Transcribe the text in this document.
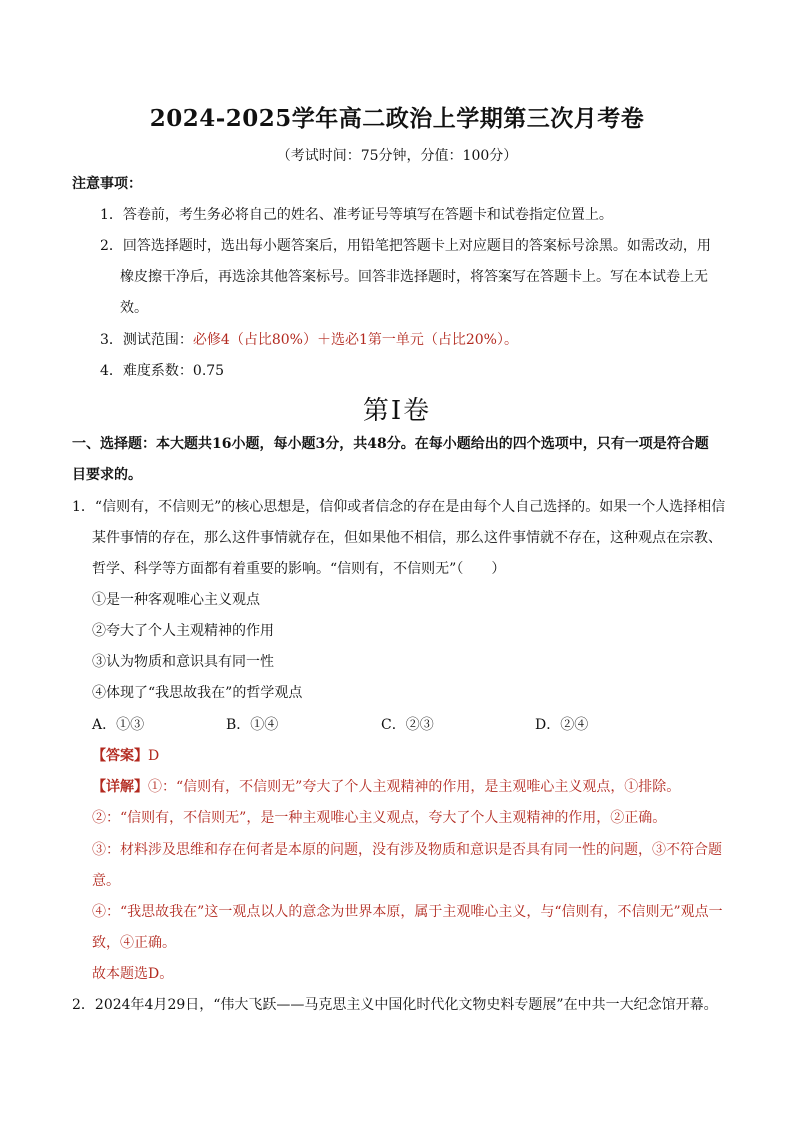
2024-2025学年高二政治上学期第三次月考卷
（考试时间：75分钟，分值：100分）
注意事项：
1．答卷前，考生务必将自己的姓名、准考证号等填写在答题卡和试卷指定位置上。
2．回答选择题时，选出每小题答案后，用铅笔把答题卡上对应题目的答案标号涂黑。如需改动，用
橡皮擦干净后，再选涂其他答案标号。回答非选择题时，将答案写在答题卡上。写在本试卷上无
效。
3．测试范围：必修4（占比80%）＋选必1第一单元（占比20%）。
4．难度系数：0.75
第Ⅰ卷
一、选择题：本大题共16小题，每小题3分，共48分。在每小题给出的四个选项中，只有一项是符合题
目要求的。
1．“信则有，不信则无”的核心思想是，信仰或者信念的存在是由每个人自己选择的。如果一个人选择相信
某件事情的存在，那么这件事情就存在，但如果他不相信，那么这件事情就不存在，这种观点在宗教、
哲学、科学等方面都有着重要的影响。“信则有，不信则无”（　　）
①是一种客观唯心主义观点
②夸大了个人主观精神的作用
③认为物质和意识具有同一性
④体现了“我思故我在”的哲学观点
A．①③	B．①④	C．②③	D．②④
【答案】D
【详解】①：“信则有，不信则无”夸大了个人主观精神的作用，是主观唯心主义观点，①排除。
②：“信则有，不信则无”，是一种主观唯心主义观点，夸大了个人主观精神的作用，②正确。
③：材料涉及思维和存在何者是本原的问题，没有涉及物质和意识是否具有同一性的问题，③不符合题
意。
④：“我思故我在”这一观点以人的意念为世界本原，属于主观唯心主义，与“信则有，不信则无”观点一
致，④正确。
故本题选D。
2．2024年4月29日，“伟大飞跃——马克思主义中国化时代化文物史料专题展”在中共一大纪念馆开幕。
